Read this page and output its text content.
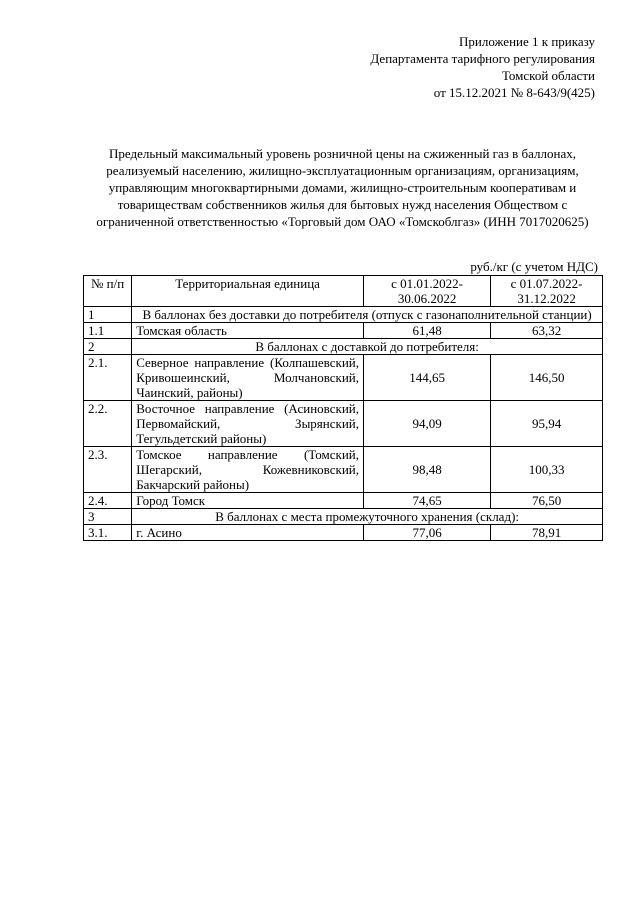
Приложение 1 к приказу
Департамента тарифного регулирования
Томской области
от 15.12.2021 № 8-643/9(425)
Предельный максимальный уровень розничной цены на сжиженный газ в баллонах, реализуемый населению, жилищно-эксплуатационным организациям, организациям, управляющим многоквартирными домами, жилищно-строительным кооперативам и товариществам собственников жилья для бытовых нужд населения Обществом с ограниченной ответственностью «Торговый дом ОАО «Томскоблгаз» (ИНН 7017020625)
руб./кг (с учетом НДС)
№ п/п	Территориальная единица	с 01.01.2022-30.06.2022	с 01.07.2022-31.12.2022
1	В баллонах без доставки до потребителя (отпуск с газонаполнительной станции)		
1.1	Томская область	61,48	63,32
2	В баллонах с доставкой до потребителя:		
2.1.	Северное направление (Колпашевский, Кривошеинский, Молчановский, Чаинский, районы)	144,65	146,50
2.2.	Восточное направление (Асиновский, Первомайский, Зырянский, Тегульдетский районы)	94,09	95,94
2.3.	Томское направление (Томский, Шегарский, Кожевниковский, Бакчарский районы)	98,48	100,33
2.4.	Город Томск	74,65	76,50
3	В баллонах с места промежуточного хранения (склад):		
3.1.	г. Асино	77,06	78,91
